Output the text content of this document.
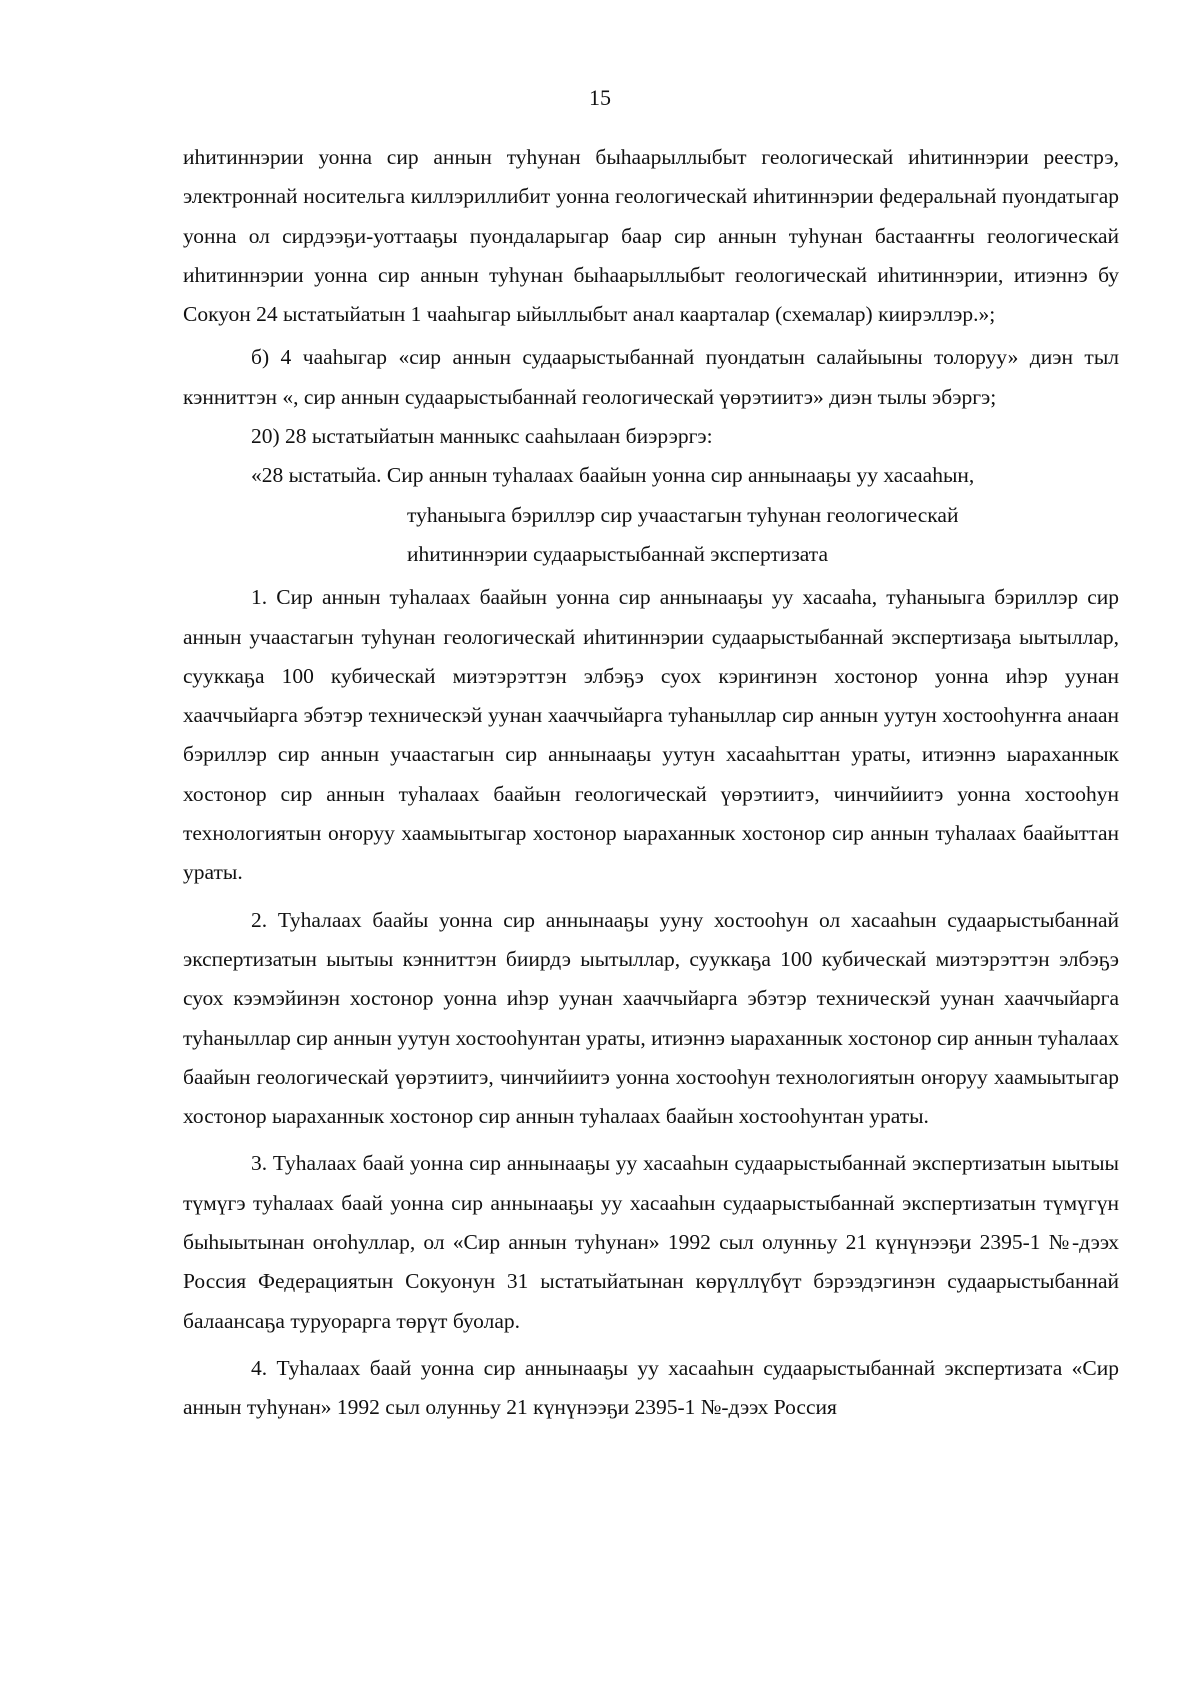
15

иһитиннэрии уонна сир аннын туһунан быһаарыллыбыт геологическай иһитиннэрии реестрэ, электроннай носительга киллэриллибит уонна геологическай иһитиннэрии федеральнай пуондатыгар уонна ол сирдээҕи-уоттааҕы пуондаларыгар баар сир аннын туһунан бастааҥҥы геологическай иһитиннэрии уонна сир аннын туһунан быһаарыллыбыт геологическай иһитиннэрии, итиэннэ бу Сокуон 24 ыстатыйатын 1 чааһыгар ыйыллыбыт анал каарталар (схемалар) киирэллэр.»;

б) 4 чааһыгар «сир аннын судаарыстыбаннай пуондатын салайыыны толоруу» диэн тыл кэнниттэн «, сир аннын судаарыстыбаннай геологическай үөрэтиитэ» диэн тылы эбэргэ;

20) 28 ыстатыйатын манныкс сааһылаан биэрэргэ:

«28 ыстатыйа. Сир аннын туһалаах баайын уонна сир аннынааҕы уу хасааһын,

туһаныыга бэриллэр сир учаастагын туһунан геологическай

иһитиннэрии судаарыстыбаннай экспертизата

1. Сир аннын туһалаах баайын уонна сир аннынааҕы уу хасааһа, туһаныыга бэриллэр сир аннын учаастагын туһунан геологическай иһитиннэрии судаарыстыбаннай экспертизаҕа ыытыллар, сууккаҕа 100 кубическай миэтэрэттэн элбэҕэ суох кэриҥинэн хостонор уонна иһэр уунан хааччыйарга эбэтэр техническэй уунан хааччыйарга туһаныллар сир аннын уутун хостооһуҥҥа анаан бэриллэр сир аннын учаастагын сир аннынааҕы уутун хасааһыттан ураты, итиэннэ ыараханнык хостонор сир аннын туһалаах баайын геологическай үөрэтиитэ, чинчийиитэ уонна хостооһун технологиятын оҥоруу хаамыытыгар хостонор ыараханнык хостонор сир аннын туһалаах баайыттан ураты.

2. Туһалаах баайы уонна сир аннынааҕы ууну хостооһун ол хасааһын судаарыстыбаннай экспертизатын ыытыы кэнниттэн биирдэ ыытыллар, сууккаҕа 100 кубическай миэтэрэттэн элбэҕэ суох кээмэйинэн хостонор уонна иһэр уунан хааччыйарга эбэтэр техническэй уунан хааччыйарга туһаныллар сир аннын уутун хостооһунтан ураты, итиэннэ ыараханнык хостонор сир аннын туһалаах баайын геологическай үөрэтиитэ, чинчийиитэ уонна хостооһун технологиятын оҥоруу хаамыытыгар хостонор ыараханнык хостонор сир аннын туһалаах баайын хостооһунтан ураты.

3. Туһалаах баай уонна сир аннынааҕы уу хасааһын судаарыстыбаннай экспертизатын ыытыы түмүгэ туһалаах баай уонна сир аннынааҕы уу хасааһын судаарыстыбаннай экспертизатын түмүгүн быһыытынан оҥоһуллар, ол «Сир аннын туһунан» 1992 сыл олунньу 21 күнүнээҕи 2395-1 №-дээх Россия Федерациятын Сокуонун 31 ыстатыйатынан көрүллүбүт бэрээдэгинэн судаарыстыбаннай балаансаҕа туруорарга төрүт буолар.

4. Туһалаах баай уонна сир аннынааҕы уу хасааһын судаарыстыбаннай экспертизата «Сир аннын туһунан» 1992 сыл олунньу 21 күнүнээҕи 2395-1 №-дээх Россия
